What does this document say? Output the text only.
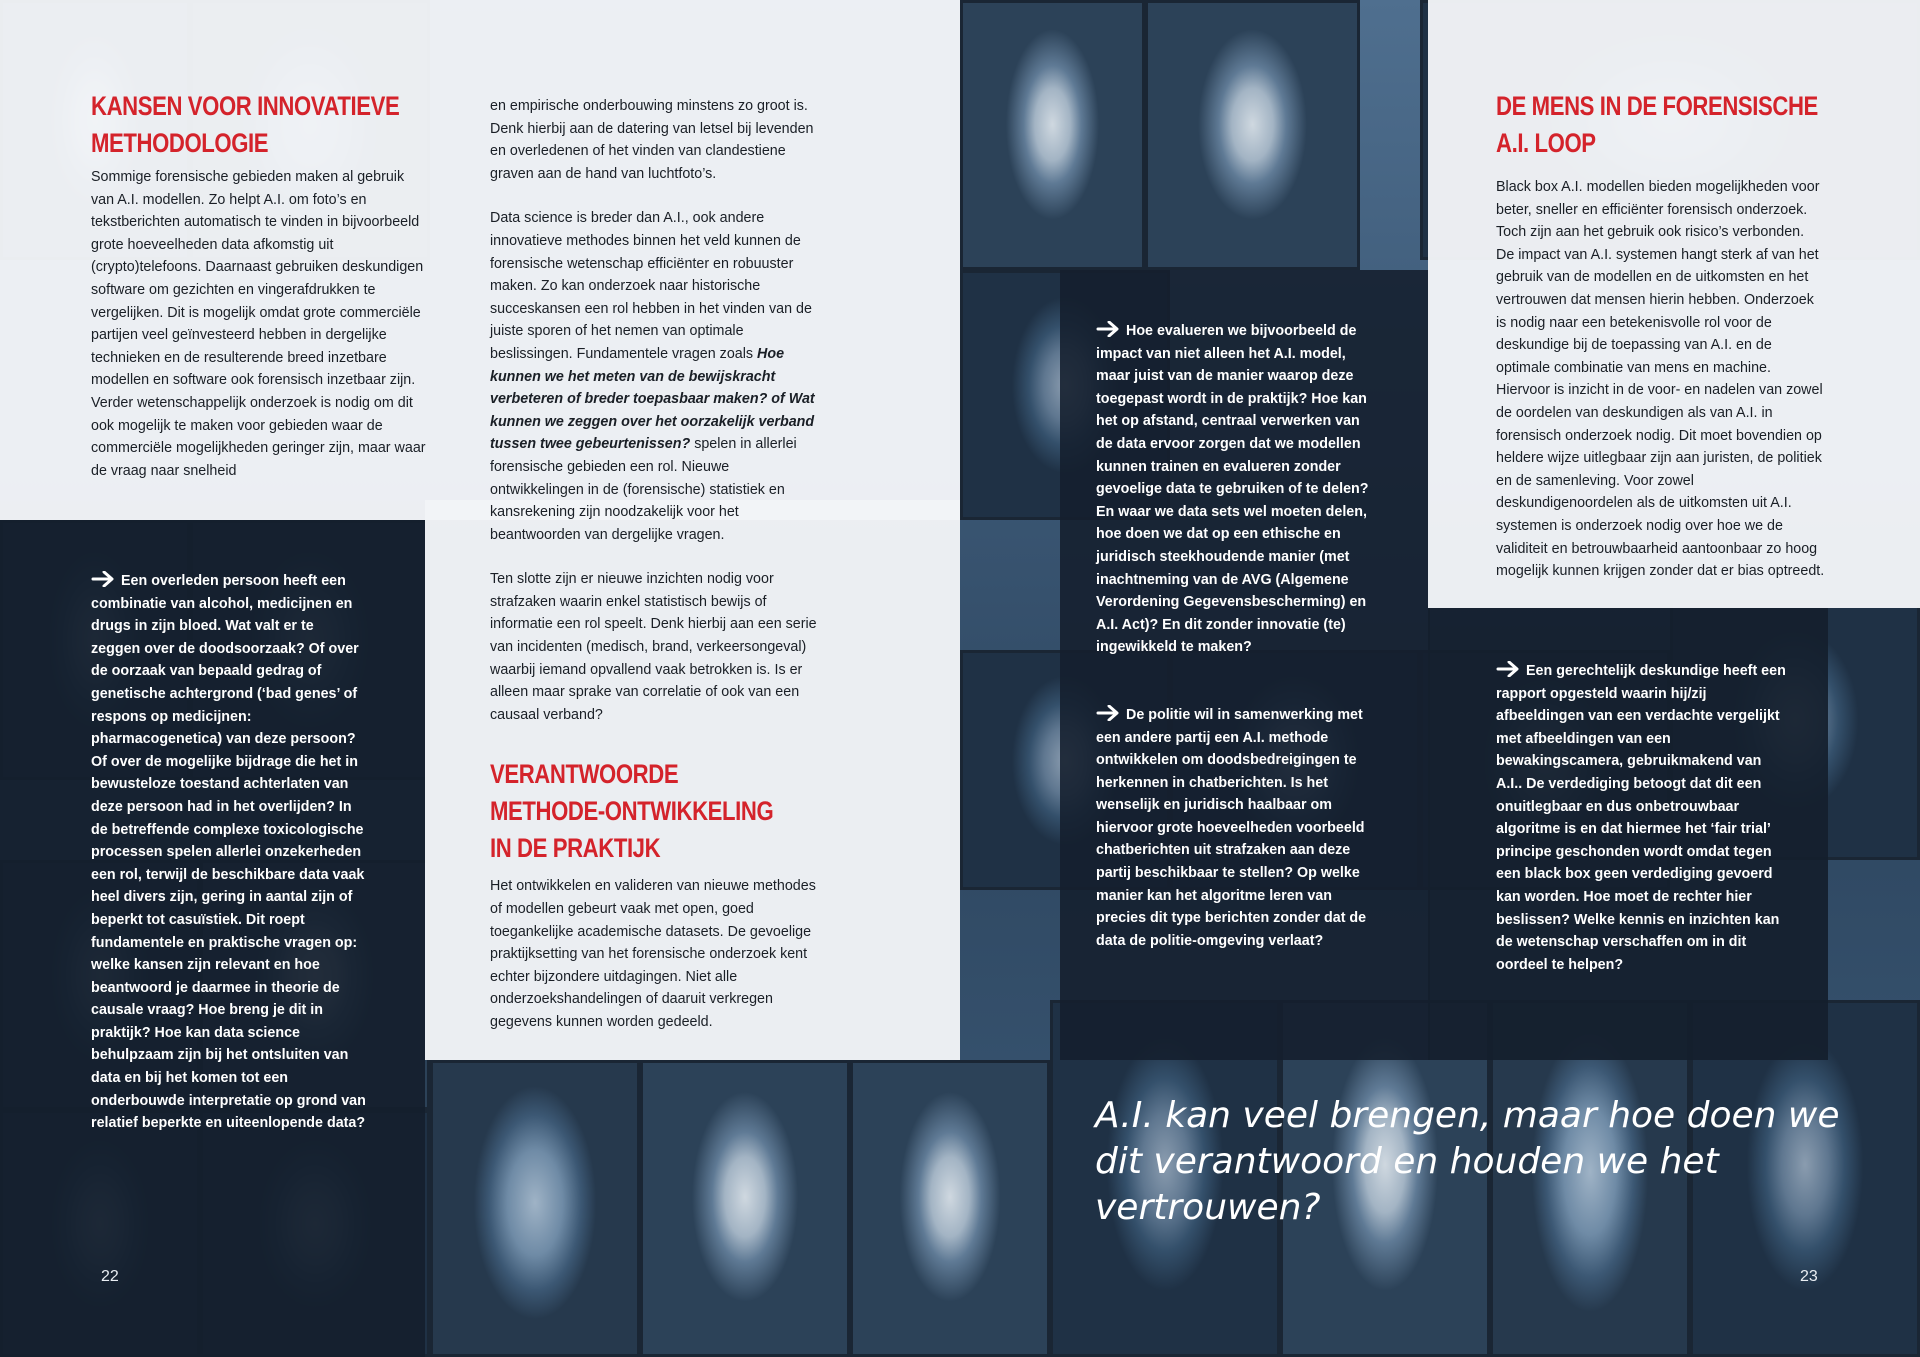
KANSEN VOOR INNOVATIEVE METHODOLOGIE

Sommige forensische gebieden maken al gebruik van A.I. modellen. Zo helpt A.I. om foto’s en tekstberichten automatisch te vinden in bijvoorbeeld grote hoeveelheden data afkomstig uit (crypto)telefoons. Daarnaast gebruiken deskundigen software om gezichten en vingerafdrukken te vergelijken. Dit is mogelijk omdat grote commerciële partijen veel geïnvesteerd hebben in dergelijke technieken en de resulterende breed inzetbare modellen en software ook forensisch inzetbaar zijn. Verder wetenschappelijk onderzoek is nodig om dit ook mogelijk te maken voor gebieden waar de commerciële mogelijkheden geringer zijn, maar waar de vraag naar snelheid

Een overleden persoon heeft een combinatie van alcohol, medicijnen en drugs in zijn bloed. Wat valt er te zeggen over de doodsoorzaak? Of over de oorzaak van bepaald gedrag of genetische achtergrond (‘bad genes’ of respons op medicijnen: pharmacogenetica) van deze persoon? Of over de mogelijke bijdrage die het in bewusteloze toestand achterlaten van deze persoon had in het overlijden? In de betreffende complexe toxicologische processen spelen allerlei onzekerheden een rol, terwijl de beschikbare data vaak heel divers zijn, gering in aantal zijn of beperkt tot casuïstiek. Dit roept fundamentele en praktische vragen op: welke kansen zijn relevant en hoe beantwoord je daarmee in theorie de causale vraag? Hoe breng je dit in praktijk? Hoe kan data science behulpzaam zijn bij het ontsluiten van data en bij het komen tot een onderbouwde interpretatie op grond van relatief beperkte en uiteenlopende data?

22

en empirische onderbouwing minstens zo groot is. Denk hierbij aan de datering van letsel bij levenden en overledenen of het vinden van clandestiene graven aan de hand van luchtfoto’s.

Data science is breder dan A.I., ook andere innovatieve methodes binnen het veld kunnen de forensische wetenschap efficiënter en robuuster maken. Zo kan onderzoek naar historische succeskansen een rol hebben in het vinden van de juiste sporen of het nemen van optimale beslissingen. Fundamentele vragen zoals Hoe kunnen we het meten van de bewijskracht verbeteren of breder toepasbaar maken? of Wat kunnen we zeggen over het oorzakelijk verband tussen twee gebeurtenissen? spelen in allerlei forensische gebieden een rol. Nieuwe ontwikkelingen in de (forensische) statistiek en kansrekening zijn noodzakelijk voor het beantwoorden van dergelijke vragen.

Ten slotte zijn er nieuwe inzichten nodig voor strafzaken waarin enkel statistisch bewijs of informatie een rol speelt. Denk hierbij aan een serie van incidenten (medisch, brand, verkeersongeval) waarbij iemand opvallend vaak betrokken is. Is er alleen maar sprake van correlatie of ook van een causaal verband?

VERANTWOORDE METHODE-ONTWIKKELING IN DE PRAKTIJK

Het ontwikkelen en valideren van nieuwe methodes of modellen gebeurt vaak met open, goed toegankelijke academische datasets. De gevoelige praktijksetting van het forensische onderzoek kent echter bijzondere uitdagingen. Niet alle onderzoekshandelingen of daaruit verkregen gegevens kunnen worden gedeeld.

Hoe evalueren we bijvoorbeeld de impact van niet alleen het A.I. model, maar juist van de manier waarop deze toegepast wordt in de praktijk? Hoe kan het op afstand, centraal verwerken van de data ervoor zorgen dat we modellen kunnen trainen en evalueren zonder gevoelige data te gebruiken of te delen? En waar we data sets wel moeten delen, hoe doen we dat op een ethische en juridisch steekhoudende manier (met inachtneming van de AVG (Algemene Verordening Gegevensbescherming) en A.I. Act)? En dit zonder innovatie (te) ingewikkeld te maken?

De politie wil in samenwerking met een andere partij een A.I. methode ontwikkelen om doodsbedreigingen te herkennen in chatberichten. Is het wenselijk en juridisch haalbaar om hiervoor grote hoeveelheden voorbeeld chatberichten uit strafzaken aan deze partij beschikbaar te stellen? Op welke manier kan het algoritme leren van precies dit type berichten zonder dat de data de politie-omgeving verlaat?

DE MENS IN DE FORENSISCHE A.I. LOOP

Black box A.I. modellen bieden mogelijkheden voor beter, sneller en efficiënter forensisch onderzoek. Toch zijn aan het gebruik ook risico’s verbonden. De impact van A.I. systemen hangt sterk af van het gebruik van de modellen en de uitkomsten en het vertrouwen dat mensen hierin hebben. Onderzoek is nodig naar een betekenisvolle rol voor de deskundige bij de toepassing van A.I. en de optimale combinatie van mens en machine. Hiervoor is inzicht in de voor- en nadelen van zowel de oordelen van deskundigen als van A.I. in forensisch onderzoek nodig. Dit moet bovendien op heldere wijze uitlegbaar zijn aan juristen, de politiek en de samenleving. Voor zowel deskundigenoordelen als de uitkomsten uit A.I. systemen is onderzoek nodig over hoe we de validiteit en betrouwbaarheid aantoonbaar zo hoog mogelijk kunnen krijgen zonder dat er bias optreedt.

Een gerechtelijk deskundige heeft een rapport opgesteld waarin hij/zij afbeeldingen van een verdachte vergelijkt met afbeeldingen van een bewakingscamera, gebruikmakend van A.I.. De verdediging betoogt dat dit een onuitlegbaar en dus onbetrouwbaar algoritme is en dat hiermee het ‘fair trial’ principe geschonden wordt omdat tegen een black box geen verdediging gevoerd kan worden. Hoe moet de rechter hier beslissen? Welke kennis en inzichten kan de wetenschap verschaffen om in dit oordeel te helpen?

A.I. kan veel brengen, maar hoe doen we dit verantwoord en houden we het vertrouwen?

23
